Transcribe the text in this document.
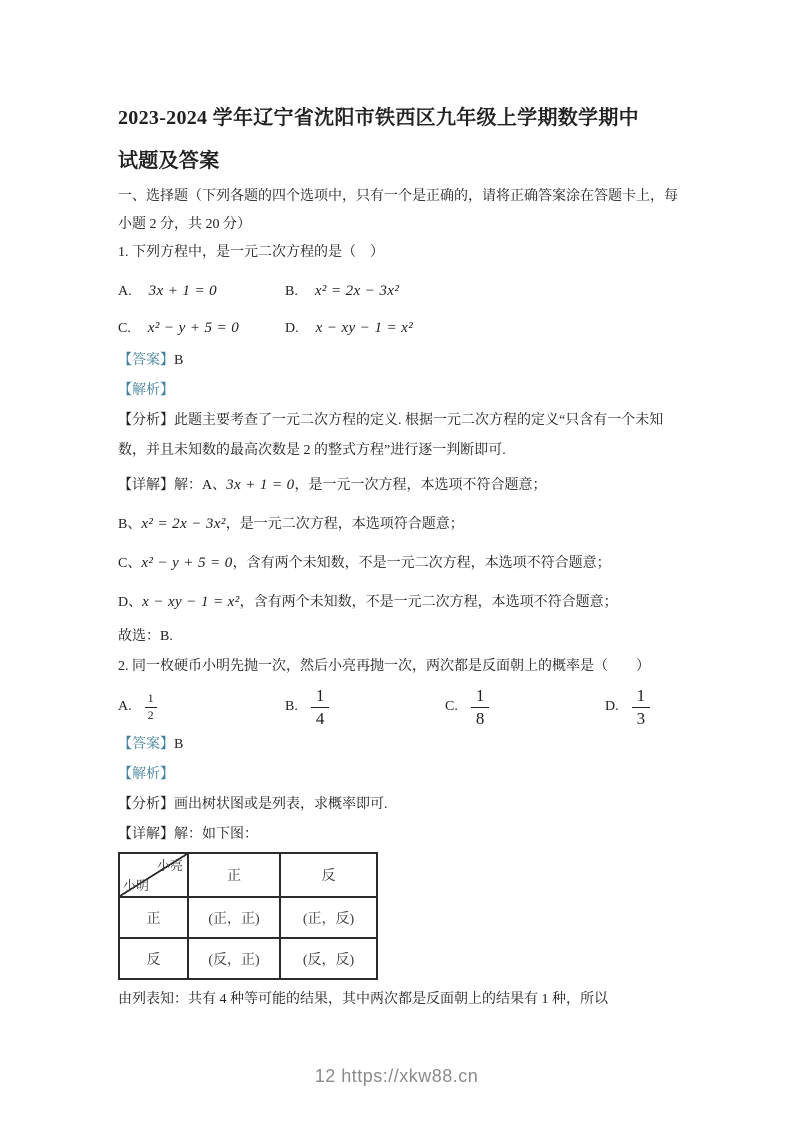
2023-2024 学年辽宁省沈阳市铁西区九年级上学期数学期中
试题及答案

一、选择题（下列各题的四个选项中，只有一个是正确的，请将正确答案涂在答题卡上，每小题 2 分，共 20 分）

1. 下列方程中，是一元二次方程的是（　）

A. 3x + 1 = 0	B. x² = 2x − 3x²
C. x² − y + 5 = 0	D. x − xy − 1 = x²

【答案】B

【解析】

【分析】此题主要考查了一元二次方程的定义. 根据一元二次方程的定义“只含有一个未知数，并且未知数的最高次数是 2 的整式方程”进行逐一判断即可.

【详解】解：A、3x + 1 = 0，是一元一次方程，本选项不符合题意；

B、x² = 2x − 3x²，是一元二次方程，本选项符合题意；

C、x² − y + 5 = 0，含有两个未知数，不是一元二次方程，本选项不符合题意；

D、x − xy − 1 = x²，含有两个未知数，不是一元二次方程，本选项不符合题意；

故选：B.

2. 同一枚硬币小明先抛一次，然后小亮再抛一次，两次都是反面朝上的概率是（　　）

A. $\frac{1}{2}$	B. $\frac{1}{4}$	C. $\frac{1}{8}$	D. $\frac{1}{3}$

【答案】B

【解析】

【分析】画出树状图或是列表，求概率即可.

【详解】解：如下图：

小亮
小明	正	反
正	(正，正)	(正，反)
反	(反，正)	(反，反)

由列表知：共有 4 种等可能的结果，其中两次都是反面朝上的结果有 1 种，所以

12 https://xkw88.cn
